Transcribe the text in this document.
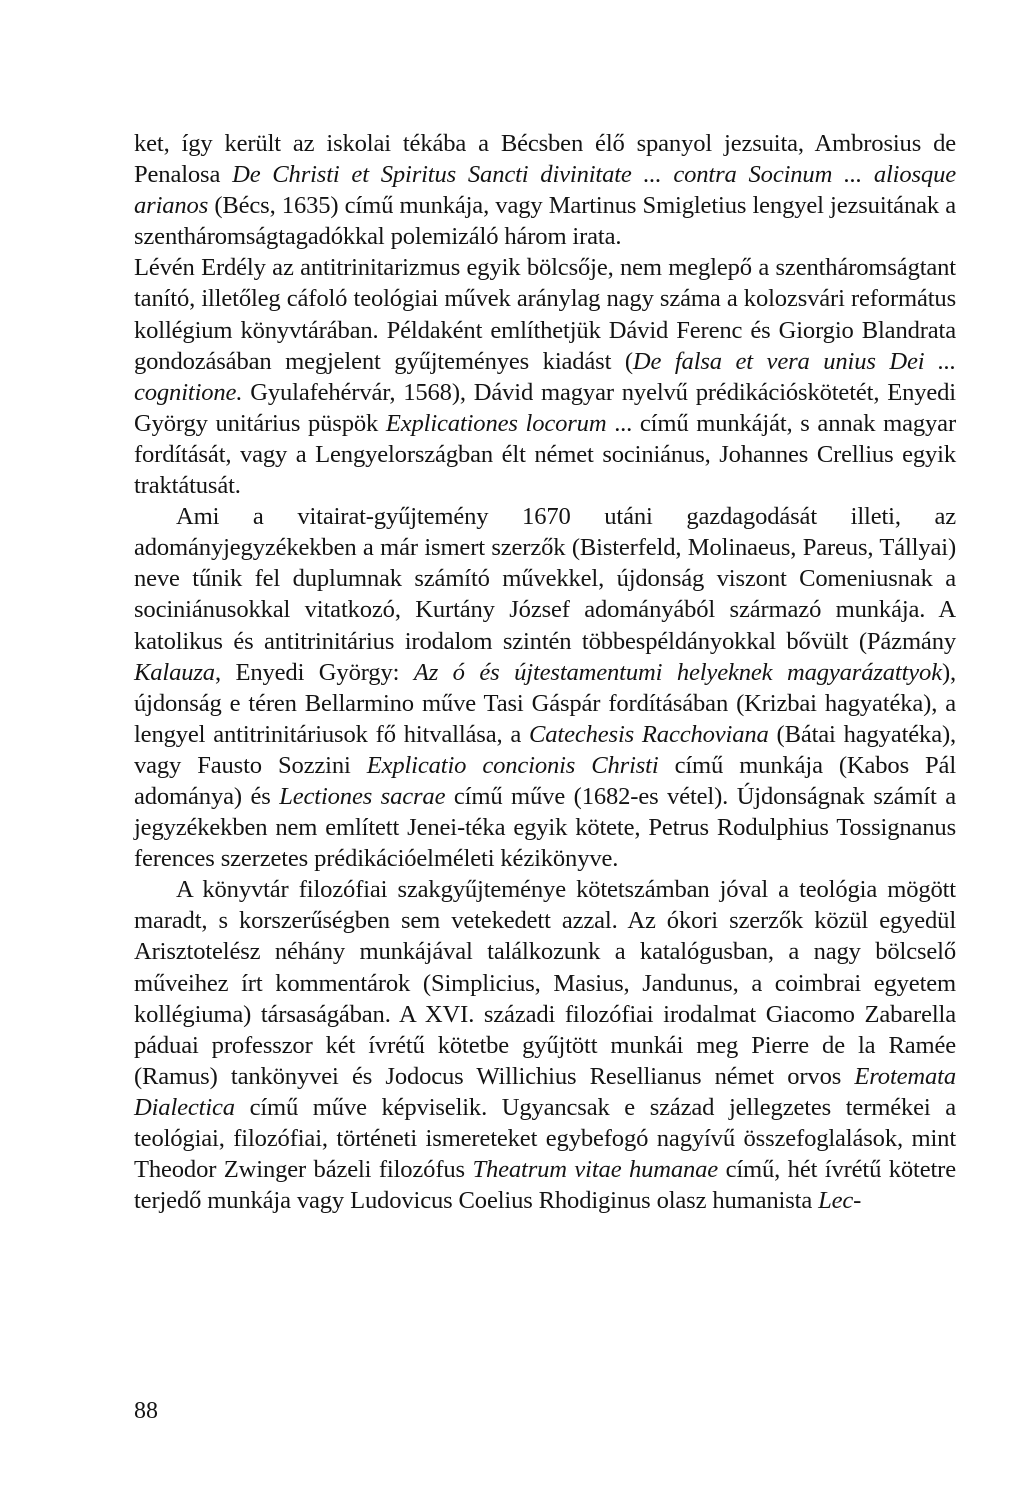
ket, így került az iskolai tékába a Bécsben élő spanyol jezsuita, Ambrosius de Penalosa De Christi et Spiritus Sancti divinitate ... contra Socinum ... aliosque arianos (Bécs, 1635) című munkája, vagy Martinus Smigletius lengyel jezsuitának a szentháromságtagadókkal polemizáló három irata.

Lévén Erdély az antitrinitarizmus egyik bölcsője, nem meglepő a szentháromságtant tanító, illetőleg cáfoló teológiai művek aránylag nagy száma a kolozsvári református kollégium könyvtárában. Példaként említhetjük Dávid Ferenc és Giorgio Blandrata gondozásában megjelent gyűjteményes kiadást (De falsa et vera unius Dei ... cognitione. Gyulafehérvár, 1568), Dávid magyar nyelvű prédikációskötetét, Enyedi György unitárius püspök Explicationes locorum ... című munkáját, s annak magyar fordítását, vagy a Lengyelországban élt német sociniánus, Johannes Crellius egyik traktátusát.

Ami a vitairat-gyűjtemény 1670 utáni gazdagodását illeti, az adományjegyzékekben a már ismert szerzők (Bisterfeld, Molinaeus, Pareus, Tállyai) neve tűnik fel duplumnak számító művekkel, újdonság viszont Comeniusnak a sociniánusokkal vitatkozó, Kurtány József adományából származó munkája. A katolikus és antitrinitárius irodalom szintén többespéldányokkal bővült (Pázmány Kalauza, Enyedi György: Az ó és újtestamentumi helyeknek magyarázattyok), újdonság e téren Bellarmino műve Tasi Gáspár fordításában (Krizbai hagyatéka), a lengyel antitrinitáriusok fő hitvallása, a Catechesis Racchoviana (Bátai hagyatéka), vagy Fausto Sozzini Explicatio concionis Christi című munkája (Kabos Pál adománya) és Lectiones sacrae című műve (1682-es vétel). Újdonságnak számít a jegyzékekben nem említett Jenei-téka egyik kötete, Petrus Rodulphius Tossignanus ferences szerzetes prédikációelméleti kézikönyve.

A könyvtár filozófiai szakgyűjteménye kötetszámban jóval a teológia mögött maradt, s korszerűségben sem vetekedett azzal. Az ókori szerzők közül egyedül Arisztotelész néhány munkájával találkozunk a katalógusban, a nagy bölcselő műveihez írt kommentárok (Simplicius, Masius, Jandunus, a coimbrai egyetem kollégiuma) társaságában. A XVI. századi filozófiai irodalmat Giacomo Zabarella páduai professzor két ívrétű kötetbe gyűjtött munkái meg Pierre de la Ramée (Ramus) tankönyvei és Jodocus Willichius Resellianus német orvos Erotemata Dialectica című műve képviselik. Ugyancsak e század jellegzetes termékei a teológiai, filozófiai, történeti ismereteket egybefogó nagyívű összefoglalások, mint Theodor Zwinger bázeli filozófus Theatrum vitae humanae című, hét ívrétű kötetre terjedő munkája vagy Ludovicus Coelius Rhodiginus olasz humanista Lec-

88
